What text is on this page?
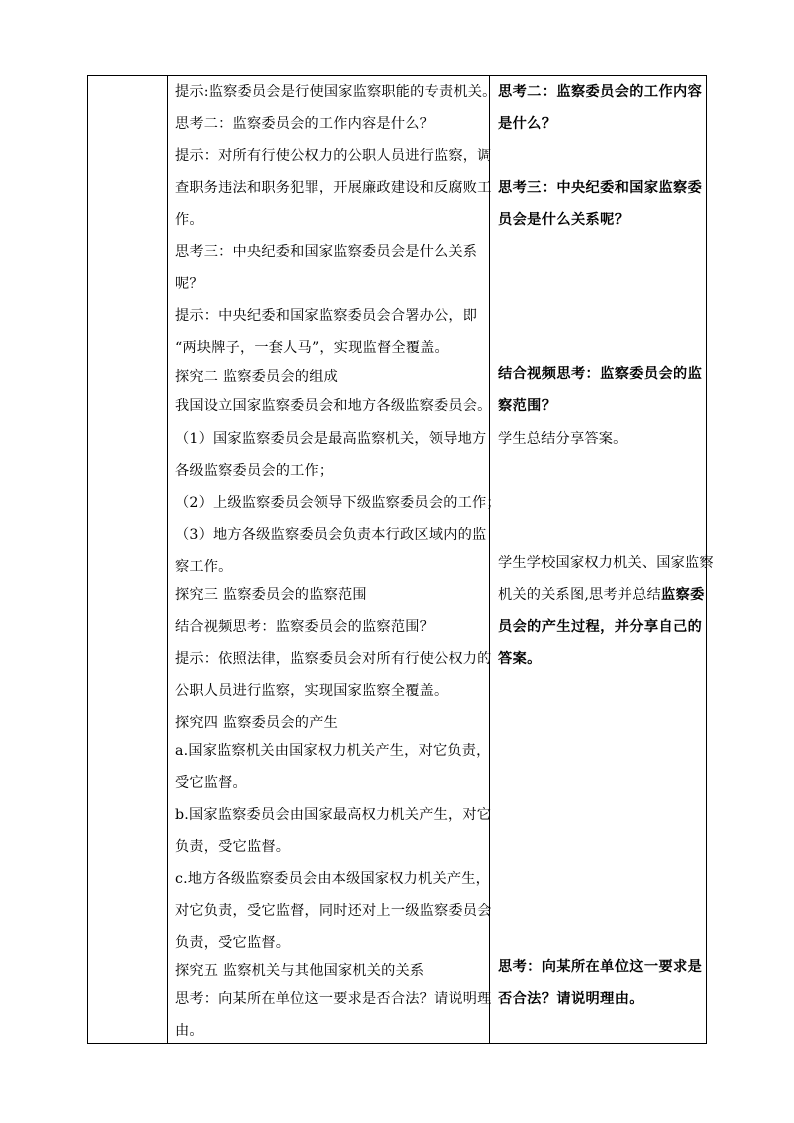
提示:监察委员会是行使国家监察职能的专责机关。
思考二：监察委员会的工作内容是什么？
提示：对所有行使公权力的公职人员进行监察，调
查职务违法和职务犯罪，开展廉政建设和反腐败工
作。
思考三：中央纪委和国家监察委员会是什么关系
呢？
提示：中央纪委和国家监察委员会合署办公，即
“两块牌子，一套人马”，实现监督全覆盖。
探究二 监察委员会的组成
我国设立国家监察委员会和地方各级监察委员会。
（1）国家监察委员会是最高监察机关，领导地方
各级监察委员会的工作；
（2）上级监察委员会领导下级监察委员会的工作；
（3）地方各级监察委员会负责本行政区域内的监
察工作。
探究三 监察委员会的监察范围
结合视频思考：监察委员会的监察范围？
提示：依照法律，监察委员会对所有行使公权力的
公职人员进行监察，实现国家监察全覆盖。
探究四 监察委员会的产生
a.国家监察机关由国家权力机关产生，对它负责，
受它监督。
b.国家监察委员会由国家最高权力机关产生，对它
负责，受它监督。
c.地方各级监察委员会由本级国家权力机关产生，
对它负责，受它监督，同时还对上一级监察委员会
负责，受它监督。
探究五 监察机关与其他国家机关的关系
思考：向某所在单位这一要求是否合法？请说明理
由。
思考二：监察委员会的工作内容
是什么？
思考三：中央纪委和国家监察委
员会是什么关系呢？
结合视频思考：监察委员会的监
察范围？
学生总结分享答案。
学生学校国家权力机关、国家监察
机关的关系图,思考并总结监察委
员会的产生过程，并分享自己的
答案。
思考：向某所在单位这一要求是
否合法？请说明理由。
